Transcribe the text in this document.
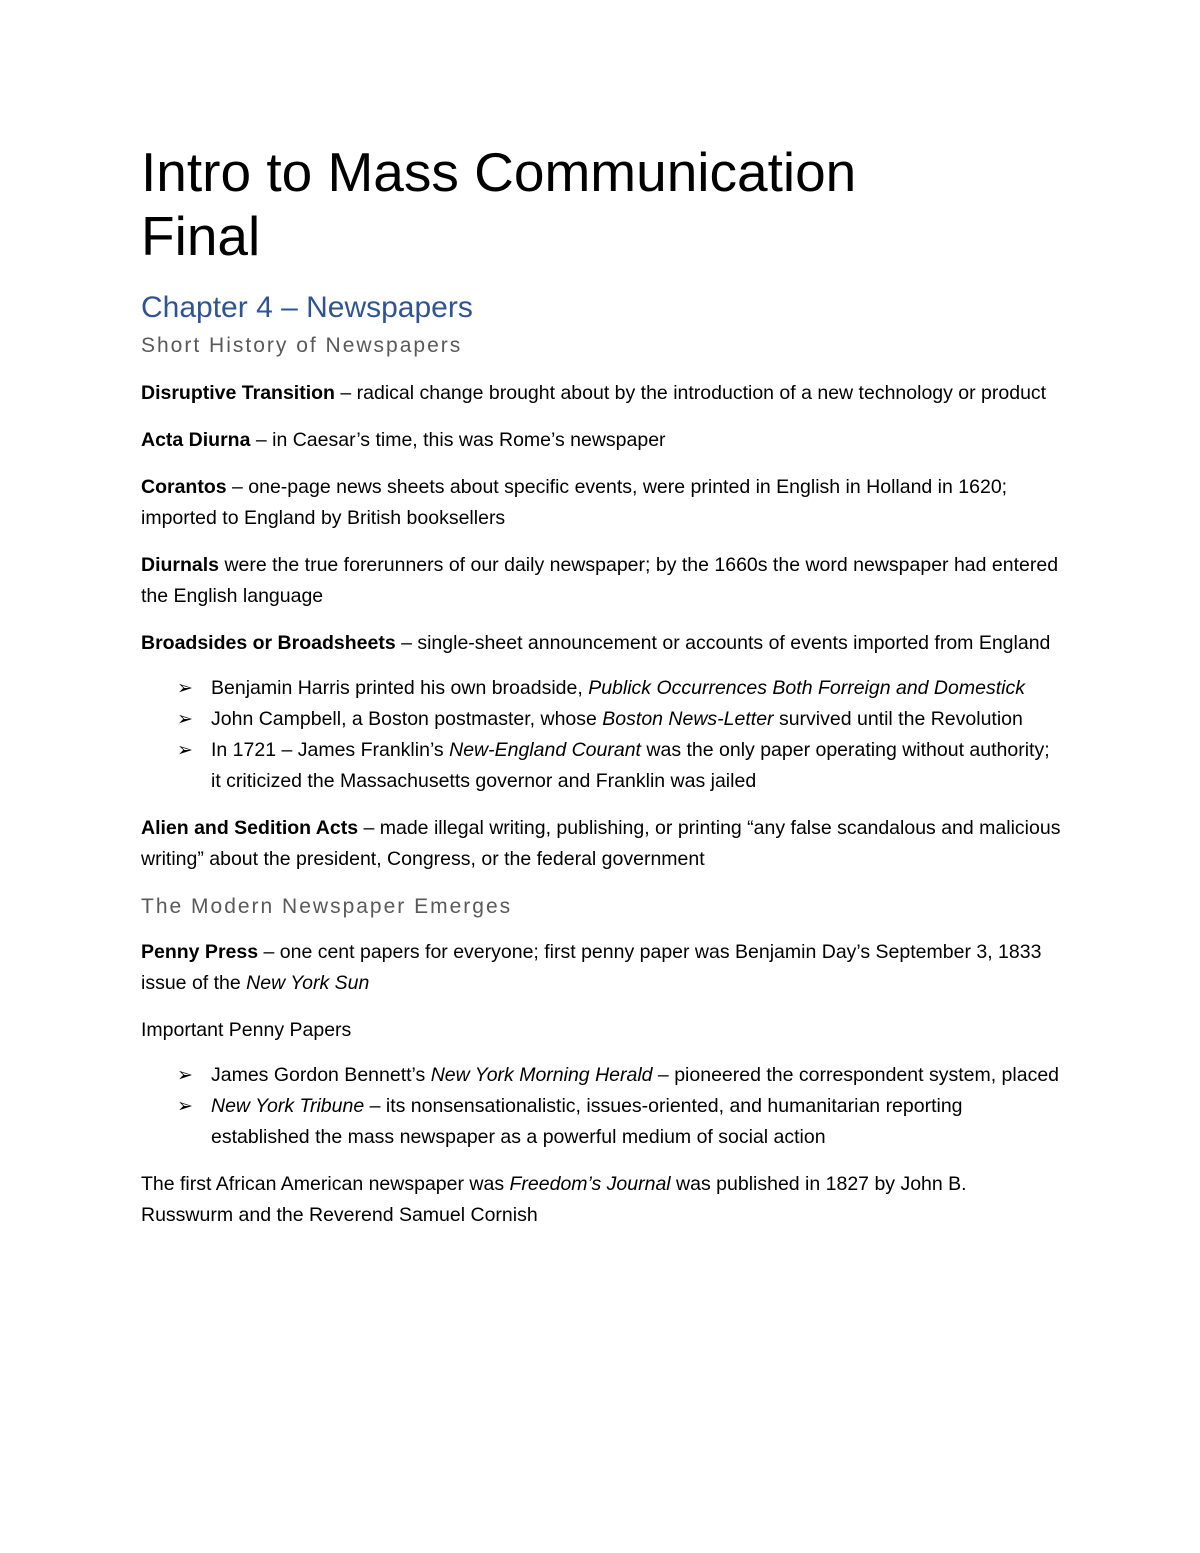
Intro to Mass Communication
Final
Chapter 4 – Newspapers
Short History of Newspapers

Disruptive Transition – radical change brought about by the introduction of a new technology or product

Acta Diurna – in Caesar’s time, this was Rome’s newspaper

Corantos – one-page news sheets about specific events, were printed in English in Holland in 1620; imported to England by British booksellers

Diurnals were the true forerunners of our daily newspaper; by the 1660s the word newspaper had entered the English language

Broadsides or Broadsheets – single-sheet announcement or accounts of events imported from England

➢ Benjamin Harris printed his own broadside, Publick Occurrences Both Forreign and Domestick
➢ John Campbell, a Boston postmaster, whose Boston News-Letter survived until the Revolution
➢ In 1721 – James Franklin’s New-England Courant was the only paper operating without authority; it criticized the Massachusetts governor and Franklin was jailed

Alien and Sedition Acts – made illegal writing, publishing, or printing “any false scandalous and malicious writing” about the president, Congress, or the federal government

The Modern Newspaper Emerges

Penny Press – one cent papers for everyone; first penny paper was Benjamin Day’s September 3, 1833 issue of the New York Sun

Important Penny Papers

➢ James Gordon Bennett’s New York Morning Herald – pioneered the correspondent system, placed
➢ New York Tribune – its nonsensationalistic, issues-oriented, and humanitarian reporting established the mass newspaper as a powerful medium of social action

The first African American newspaper was Freedom’s Journal was published in 1827 by John B. Russwurm and the Reverend Samuel Cornish
